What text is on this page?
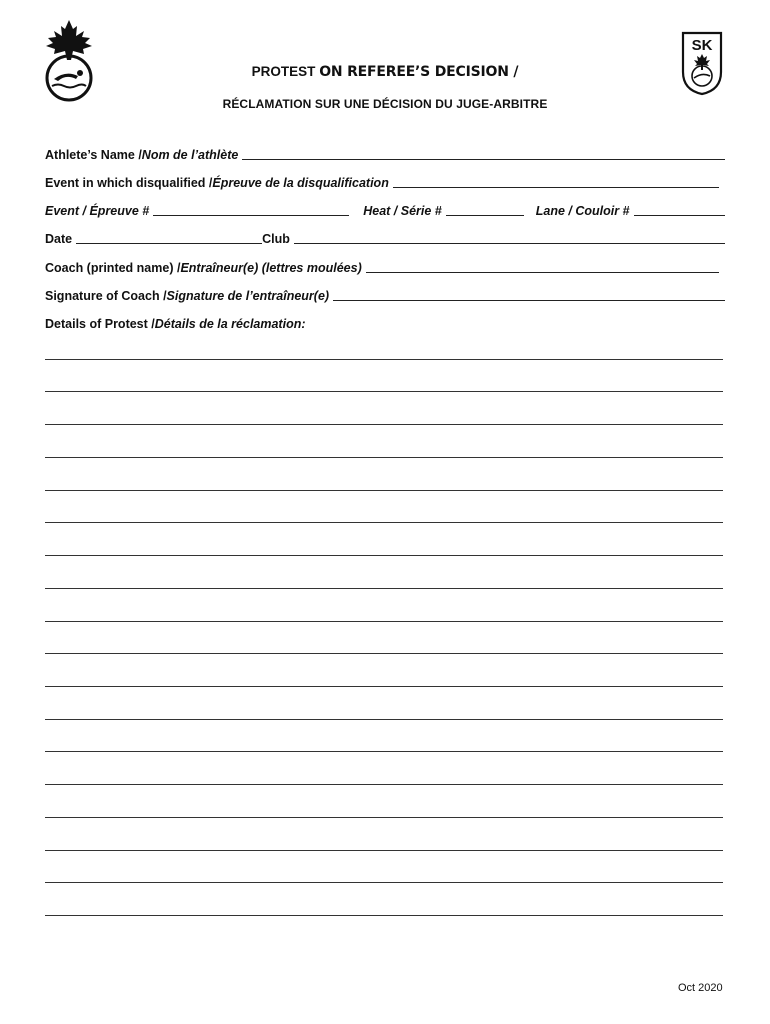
SK
PROTEST ON REFEREE’S DECISION /
RÉCLAMATION SUR UNE DÉCISION DU JUGE-ARBITRE
Athlete’s Name / Nom de l’athlète
Event in which disqualified / Épreuve de la disqualification
Event / Épreuve #	Heat / Série #	Lane / Couloir #
Date	Club
Coach (printed name) / Entraîneur(e) (lettres moulées)
Signature of Coach / Signature de l’entraîneur(e)
Details of Protest / Détails de la réclamation:
Oct 2020
